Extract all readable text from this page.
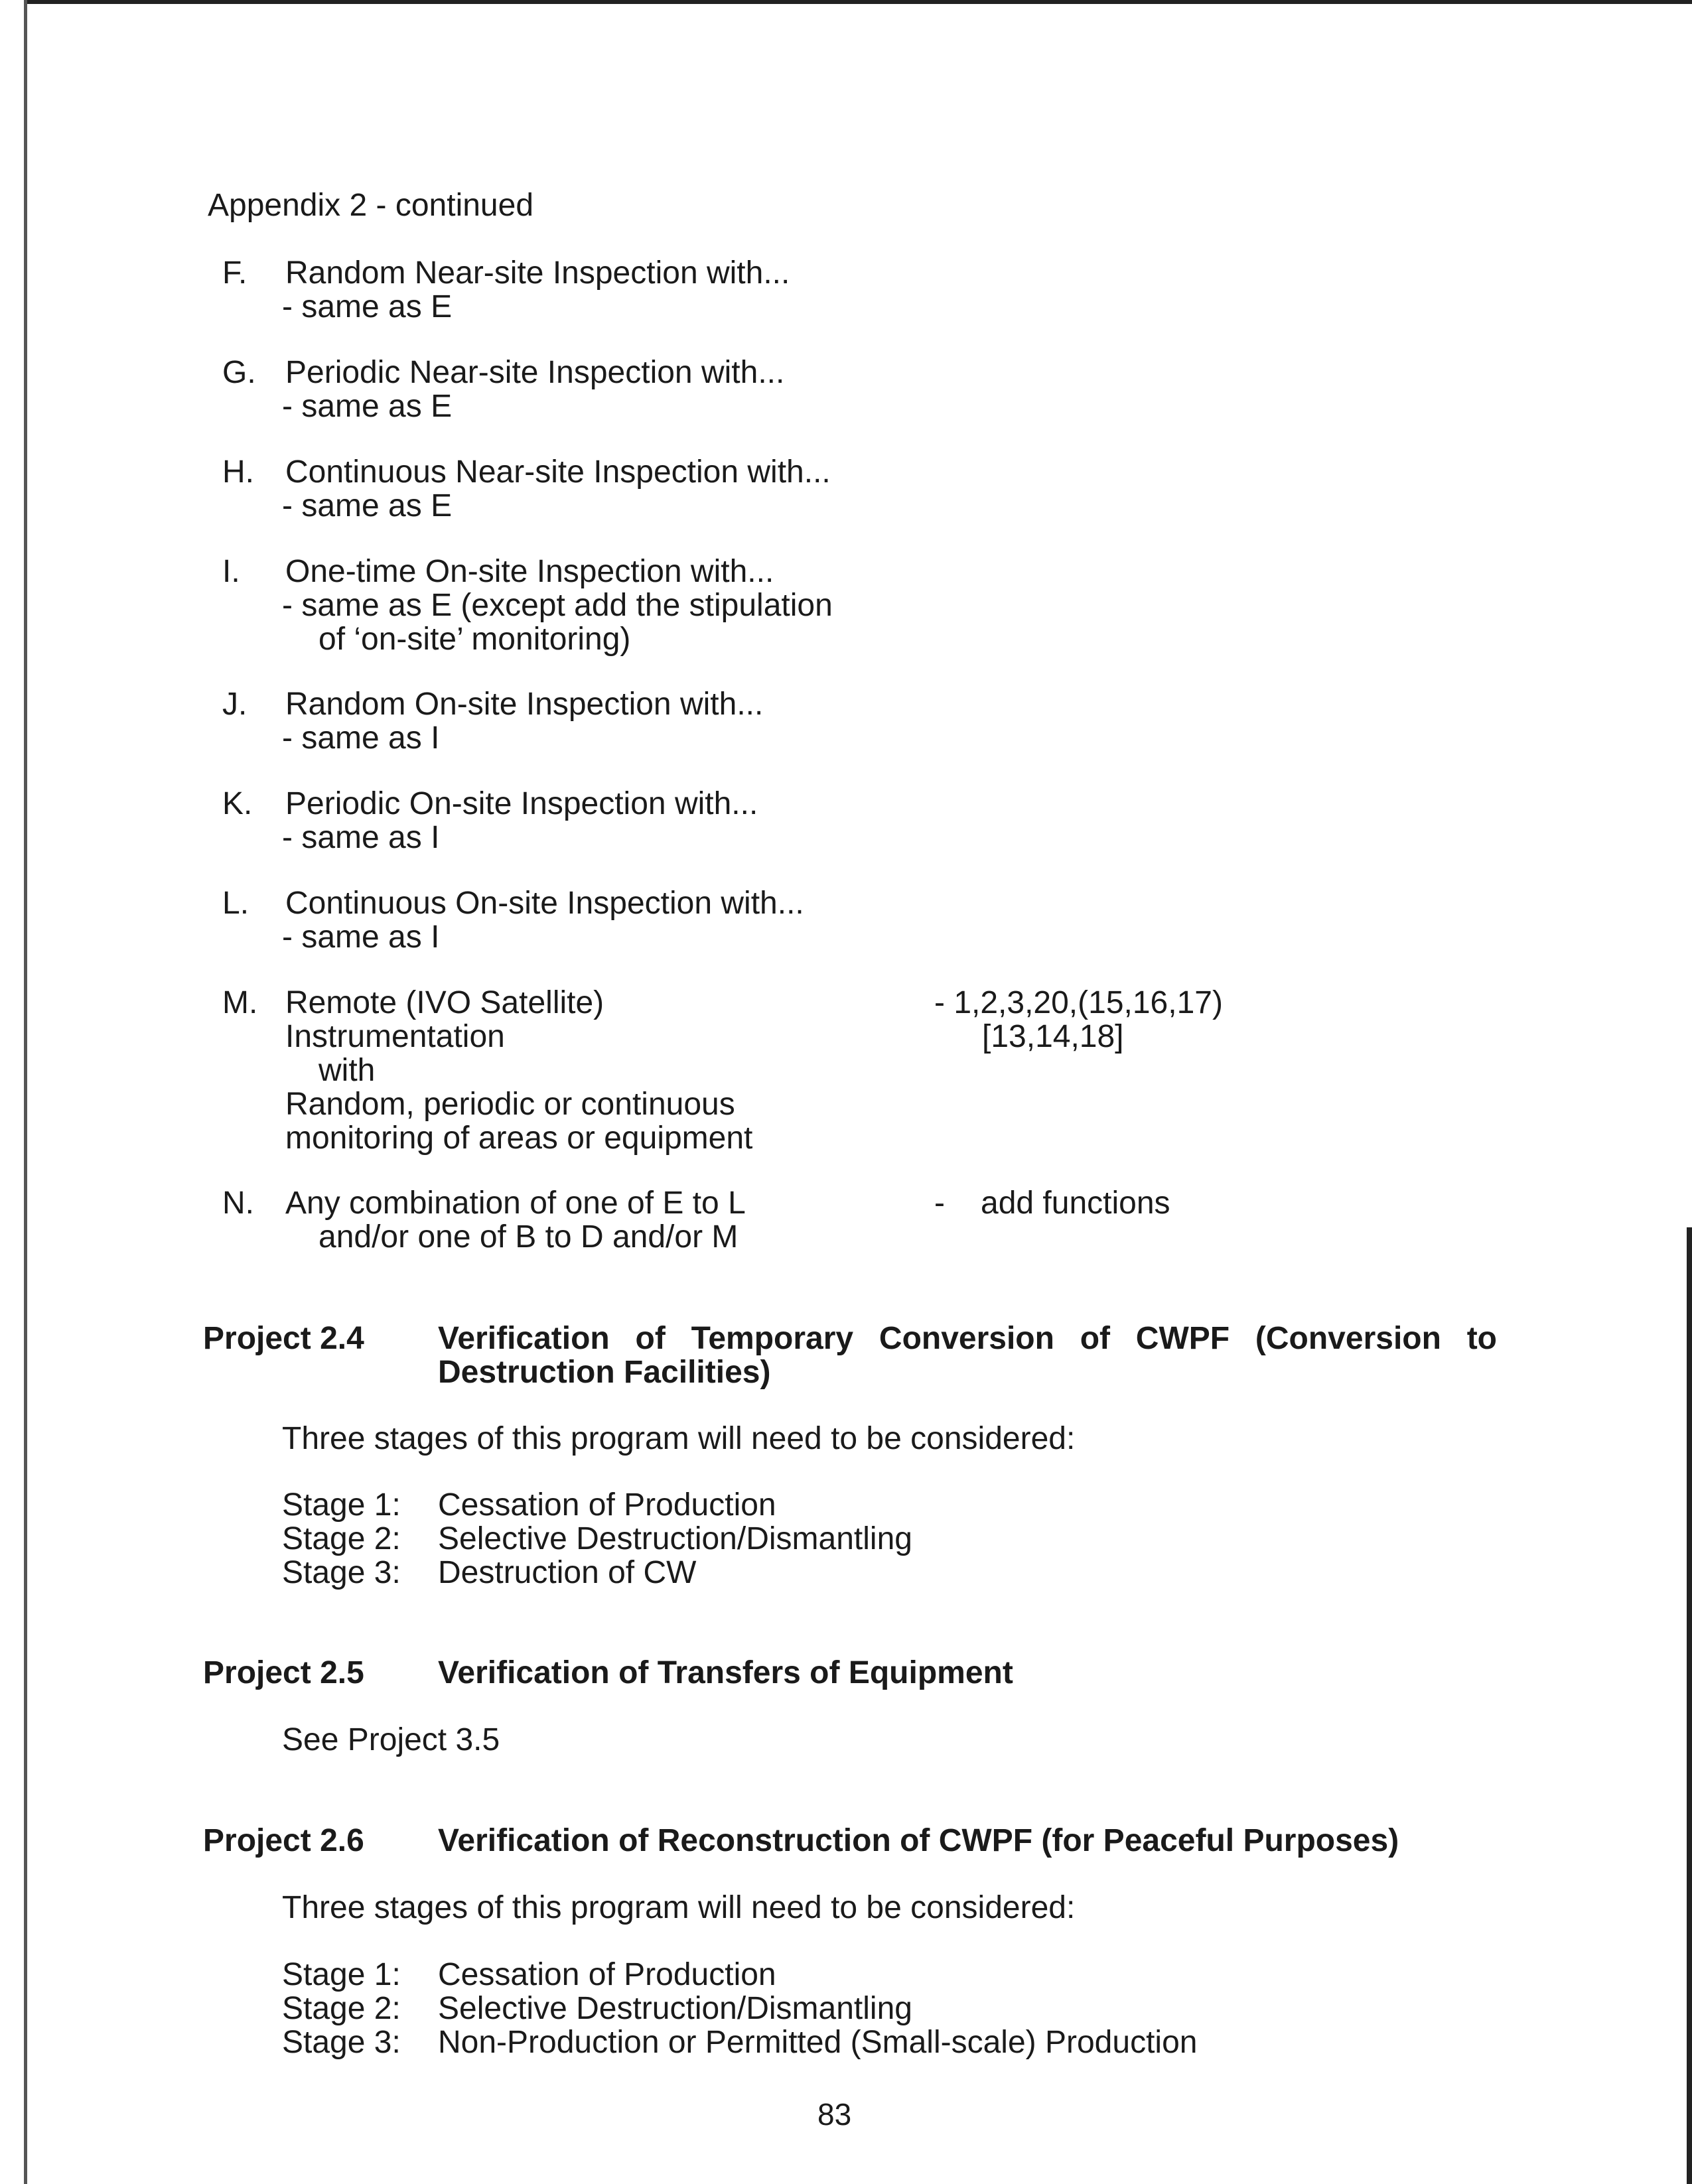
Appendix 2 - continued
F. Random Near-site Inspection with...
- same as E
G. Periodic Near-site Inspection with...
- same as E
H. Continuous Near-site Inspection with...
- same as E
I. One-time On-site Inspection with...
- same as E (except add the stipulation
of ‘on-site’ monitoring)
J. Random On-site Inspection with...
- same as I
K. Periodic On-site Inspection with...
- same as I
L. Continuous On-site Inspection with...
- same as I
M. Remote (IVO Satellite)
Instrumentation
with
Random, periodic or continuous
monitoring of areas or equipment
- 1,2,3,20,(15,16,17)
[13,14,18]
N. Any combination of one of E to L
and/or one of B to D and/or M
- add functions
Project 2.4 Verification of Temporary Conversion of CWPF (Conversion to
Destruction Facilities)
Three stages of this program will need to be considered:
Stage 1: Cessation of Production
Stage 2: Selective Destruction/Dismantling
Stage 3: Destruction of CW
Project 2.5 Verification of Transfers of Equipment
See Project 3.5
Project 2.6 Verification of Reconstruction of CWPF (for Peaceful Purposes)
Three stages of this program will need to be considered:
Stage 1: Cessation of Production
Stage 2: Selective Destruction/Dismantling
Stage 3: Non-Production or Permitted (Small-scale) Production
83
